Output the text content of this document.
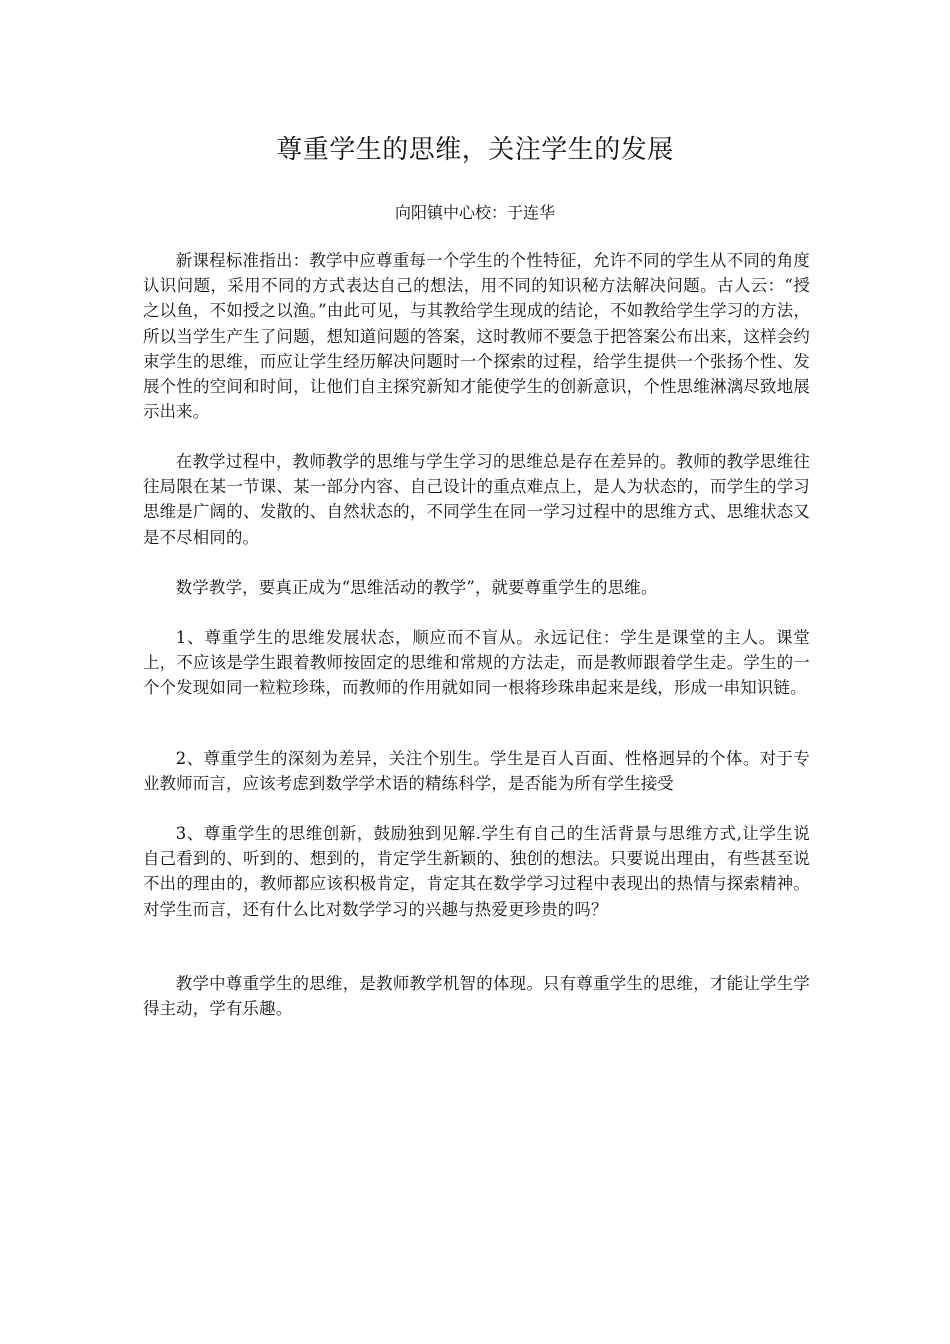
尊重学生的思维，关注学生的发展

向阳镇中心校：于连华

新课程标准指出：教学中应尊重每一个学生的个性特征，允许不同的学生从不同的角度认识问题，采用不同的方式表达自己的想法，用不同的知识秘方法解决问题。古人云：“授之以鱼，不如授之以渔。”由此可见，与其教给学生现成的结论，不如教给学生学习的方法，所以当学生产生了问题，想知道问题的答案，这时教师不要急于把答案公布出来，这样会约束学生的思维，而应让学生经历解决问题时一个探索的过程，给学生提供一个张扬个性、发展个性的空间和时间，让他们自主探究新知才能使学生的创新意识，个性思维淋漓尽致地展示出来。

在教学过程中，教师教学的思维与学生学习的思维总是存在差异的。教师的教学思维往往局限在某一节课、某一部分内容、自己设计的重点难点上，是人为状态的，而学生的学习思维是广阔的、发散的、自然状态的，不同学生在同一学习过程中的思维方式、思维状态又是不尽相同的。

数学教学，要真正成为“思维活动的教学”，就要尊重学生的思维。

1、尊重学生的思维发展状态，顺应而不盲从。永远记住：学生是课堂的主人。课堂上，不应该是学生跟着教师按固定的思维和常规的方法走，而是教师跟着学生走。学生的一个个发现如同一粒粒珍珠，而教师的作用就如同一根将珍珠串起来是线，形成一串知识链。

2、尊重学生的深刻为差异，关注个别生。学生是百人百面、性格迥异的个体。对于专业教师而言，应该考虑到数学学术语的精练科学，是否能为所有学生接受

3、尊重学生的思维创新，鼓励独到见解.学生有自己的生活背景与思维方式,让学生说自己看到的、听到的、想到的，肯定学生新颖的、独创的想法。只要说出理由，有些甚至说不出的理由的，教师都应该积极肯定，肯定其在数学学习过程中表现出的热情与探索精神。对学生而言，还有什么比对数学学习的兴趣与热爱更珍贵的吗？

教学中尊重学生的思维，是教师教学机智的体现。只有尊重学生的思维，才能让学生学得主动，学有乐趣。
